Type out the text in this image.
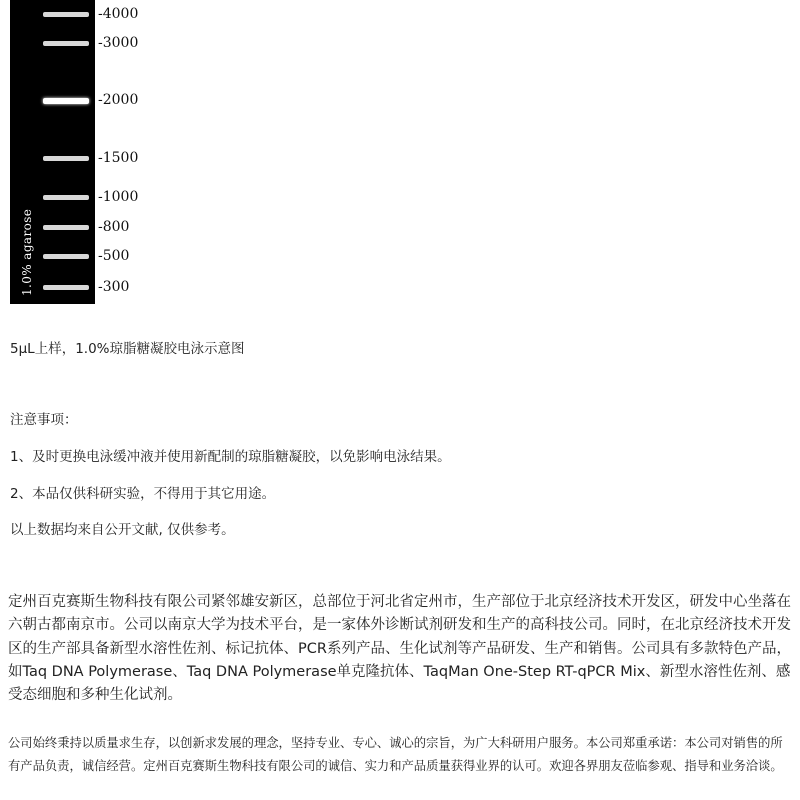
1.0% agarose
-4000
-3000
-2000
-1500
-1000
-800
-500
-300

5μL上样，1.0%琼脂糖凝胶电泳示意图

注意事项：

1、及时更换电泳缓冲液并使用新配制的琼脂糖凝胶，以免影响电泳结果。

2、本品仅供科研实验，不得用于其它用途。

以上数据均来自公开文献, 仅供参考。

定州百克赛斯生物科技有限公司紧邻雄安新区，总部位于河北省定州市，生产部位于北京经济技术开发区，研发中心坐落在六朝古都南京市。公司以南京大学为技术平台，是一家体外诊断试剂研发和生产的高科技公司。同时，在北京经济技术开发区的生产部具备新型水溶性佐剂、标记抗体、PCR系列产品、生化试剂等产品研发、生产和销售。公司具有多款特色产品，如Taq DNA Polymerase、Taq DNA Polymerase单克隆抗体、TaqMan One-Step RT-qPCR Mix、新型水溶性佐剂、感受态细胞和多种生化试剂。

公司始终秉持以质量求生存，以创新求发展的理念，坚持专业、专心、诚心的宗旨，为广大科研用户服务。本公司郑重承诺：本公司对销售的所有产品负责，诚信经营。定州百克赛斯生物科技有限公司的诚信、实力和产品质量获得业界的认可。欢迎各界朋友莅临参观、指导和业务洽谈。
